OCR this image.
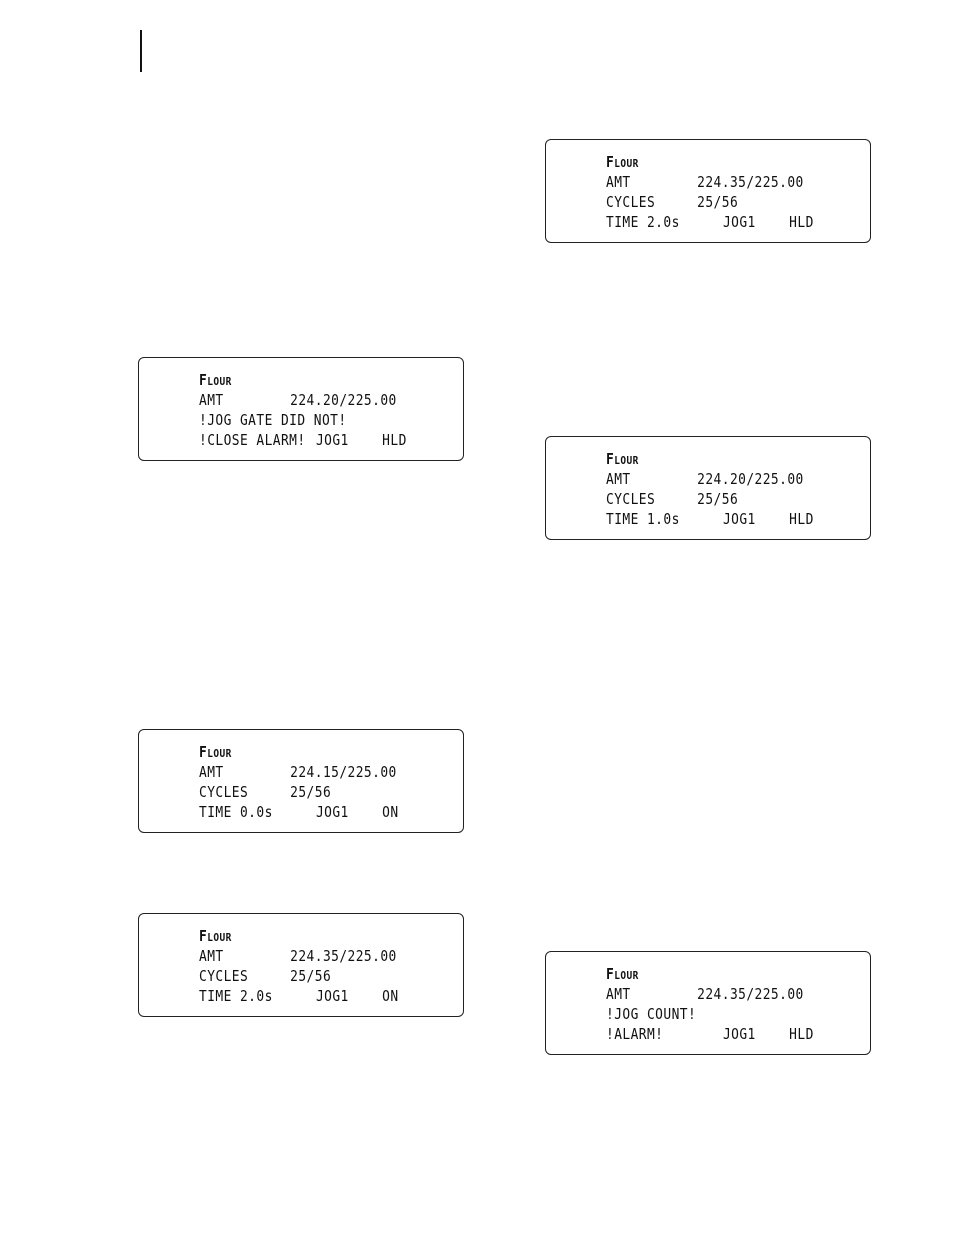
Flour

AMT

	224.35/225.00

CYCLES

	25/56

TIME 2.0s

	JOG1

HLD

Flour

AMT

	224.20/225.00

!JOG GATE DID NOT!

!CLOSE ALARM!

JOG1

HLD

Flour

AMT

	224.20/225.00

CYCLES

	25/56

TIME 1.0s

	JOG1

HLD

Flour

AMT

	224.15/225.00

CYCLES

	25/56

TIME 0.0s

	JOG1

ON

Flour

AMT

	224.35/225.00

CYCLES

	25/56

TIME 2.0s

	JOG1

ON

Flour

AMT

	224.35/225.00

!JOG COUNT!

!ALARM!

	JOG1

HLD
